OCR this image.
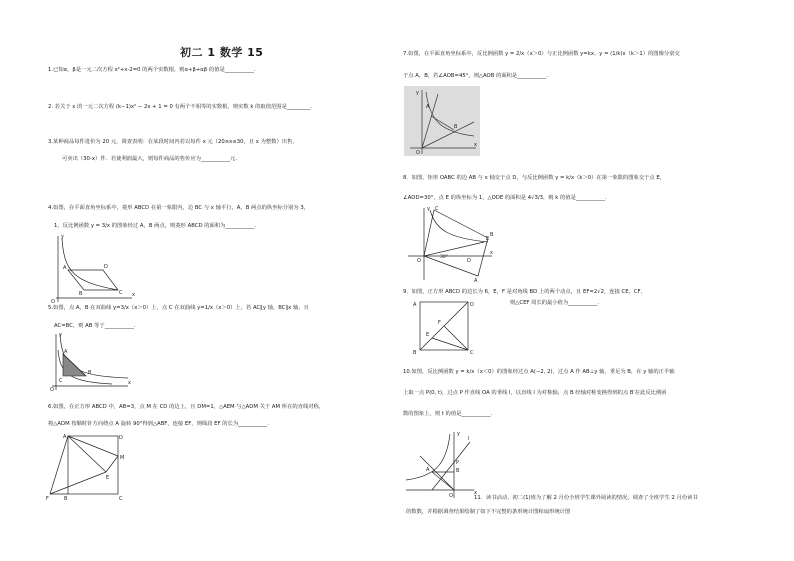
初二 1 数学 15
1.已知α，β是一元二次方程 x²+x-2=0 的两个实数根，则α+β+αβ 的值是___________.
2. 若关于 x 的一元二次方程 (k−1)x² − 2x + 1 = 0 有两个不相等的实数根，则实数 k 的取值范围是_________.
3.某种商品每件进价为 20 元，调查表明：在某段时间内若以每件 x 元（20≤x≤30，且 x 为整数）出售，
可卖出（30-x）件．若使利润最大，则每件商品的售价应为___________元.
4.如图，在平面直角坐标系中，菱形 ABCD 在第一象限内，边 BC 与 x 轴平行，A，B 两点的纵坐标分别为 3，
1，反比例函数 y = 3/x 的图象经过 A，B 两点，则菱形 ABCD 的面积为___________.
y
x
O
A
B	C
D
5.如图，点 A，B 在双曲线 y=3/x（x＞0）上，点 C 在双曲线 y=1/x（x＞0）上，若 AC∥y 轴，BC∥x 轴，且
AC=BC，则 AB 等于___________.
A
B
C
y
x
O
6.如图，在正方形 ABCD 中，AB=3，点 M 在 CD 的边上，且 DM=1，△AEM 与△ADM 关于 AM 所在的直线对称，
将△ADM 按顺时针方向绕点 A 旋转 90°得到△ABF，连接 EF，则线段 EF 的长为___________.
A	D
M
E
F	B	C
7.如图，在平面直角坐标系中，反比例函数 y = 2/x（x＞0）与正比例函数 y=kx、y = (1/k)x（k＞1）的图像分别交
于点 A，B，若∠AOB=45°，则△AOB 的面积是___________.
A
B
y
x
O
8．如图，矩形 OABC 的边 AB 与 x 轴交于点 D，与反比例函数 y = k/x（k＞0）在第一象限的图象交于点 E，
∠AOD=30°，点 E 的纵坐标为 1，△ODE 的面积是 4√3/3，则 k 的值是___________.
30°
C
E
B
D
A
y
x
O
9．如图，正方形 ABCD 的边长为 6，E，F 是对角线 BD 上的两个动点，且 EF=2√2，连接 CE，CF，
则△CEF 周长的最小值为___________.
A	D
B	C
E
F
10.如图，反比例函数 y = k/x（x＜0）的图象经过点 A(−2, 2)，过点 A 作 AB⊥y 轴，垂足为 B，在 y 轴的正半轴
上取一点 P(0, t)，过点 P 作直线 OA 的垂线 l，以直线 l 为对称轴，点 B 经轴对称变换得到的点 B′在此反比例函
数的图象上，则 t 的值是___________.
A	B
P
l
y
x
O	11．读书活动，初二(1)班为了解 2 月份全班学生课外阅读的情况，调查了全班学生 2 月份读书
的数数，并根据调查结果绘制了如下不完整的条形统计图和扇形统计图
